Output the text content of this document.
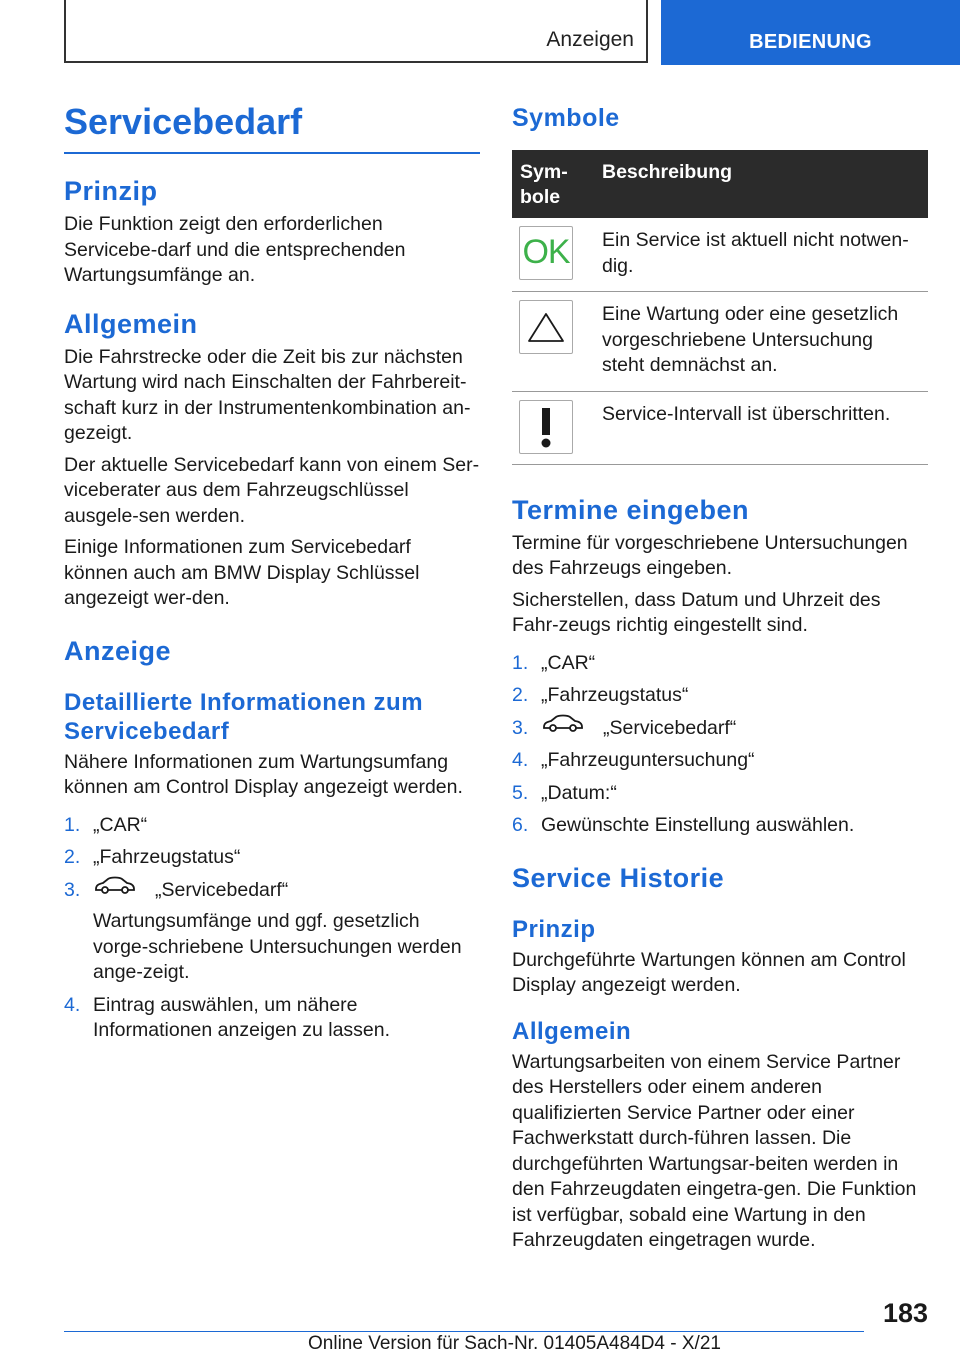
Anzeigen	BEDIENUNG
Servicebedarf
Prinzip

Die Funktion zeigt den erforderlichen Servicebe-darf und die entsprechenden Wartungsumfänge an.

Allgemein

Die Fahrstrecke oder die Zeit bis zur nächsten Wartung wird nach Einschalten der Fahrbereit-schaft kurz in der Instrumentenkombination an-gezeigt.

Der aktuelle Servicebedarf kann von einem Ser-viceberater aus dem Fahrzeugschlüssel ausgele-sen werden.

Einige Informationen zum Servicebedarf können auch am BMW Display Schlüssel angezeigt wer-den.

Anzeige
Detaillierte Informationen zum Servicebedarf

Nähere Informationen zum Wartungsumfang können am Control Display angezeigt werden.

1. „CAR“
2. „Fahrzeugstatus“
3.	„Servicebedarf“
Wartungsumfänge und ggf. gesetzlich vorge-schriebene Untersuchungen werden ange-zeigt.
4. Eintrag auswählen, um nähere Informationen anzeigen zu lassen.
Symbole
Sym-bole	Beschreibung

OK	Ein Service ist aktuell nicht notwen-dig.

	Eine Wartung oder eine gesetzlich vorgeschriebene Untersuchung steht demnächst an.

	Service-Intervall ist überschritten.
Termine eingeben

Termine für vorgeschriebene Untersuchungen des Fahrzeugs eingeben.

Sicherstellen, dass Datum und Uhrzeit des Fahr-zeugs richtig eingestellt sind.

1. „CAR“
2. „Fahrzeugstatus“
3.	„Servicebedarf“
4. „Fahrzeuguntersuchung“
5. „Datum:“
6. Gewünschte Einstellung auswählen.
Service Historie
Prinzip

Durchgeführte Wartungen können am Control Display angezeigt werden.

Allgemein

Wartungsarbeiten von einem Service Partner des Herstellers oder einem anderen qualifizierten Service Partner oder einer Fachwerkstatt durch-führen lassen. Die durchgeführten Wartungsar-beiten werden in den Fahrzeugdaten eingetra-gen. Die Funktion ist verfügbar, sobald eine Wartung in den Fahrzeugdaten eingetragen wurde.

183
Online Version für Sach-Nr. 01405A484D4 - X/21
